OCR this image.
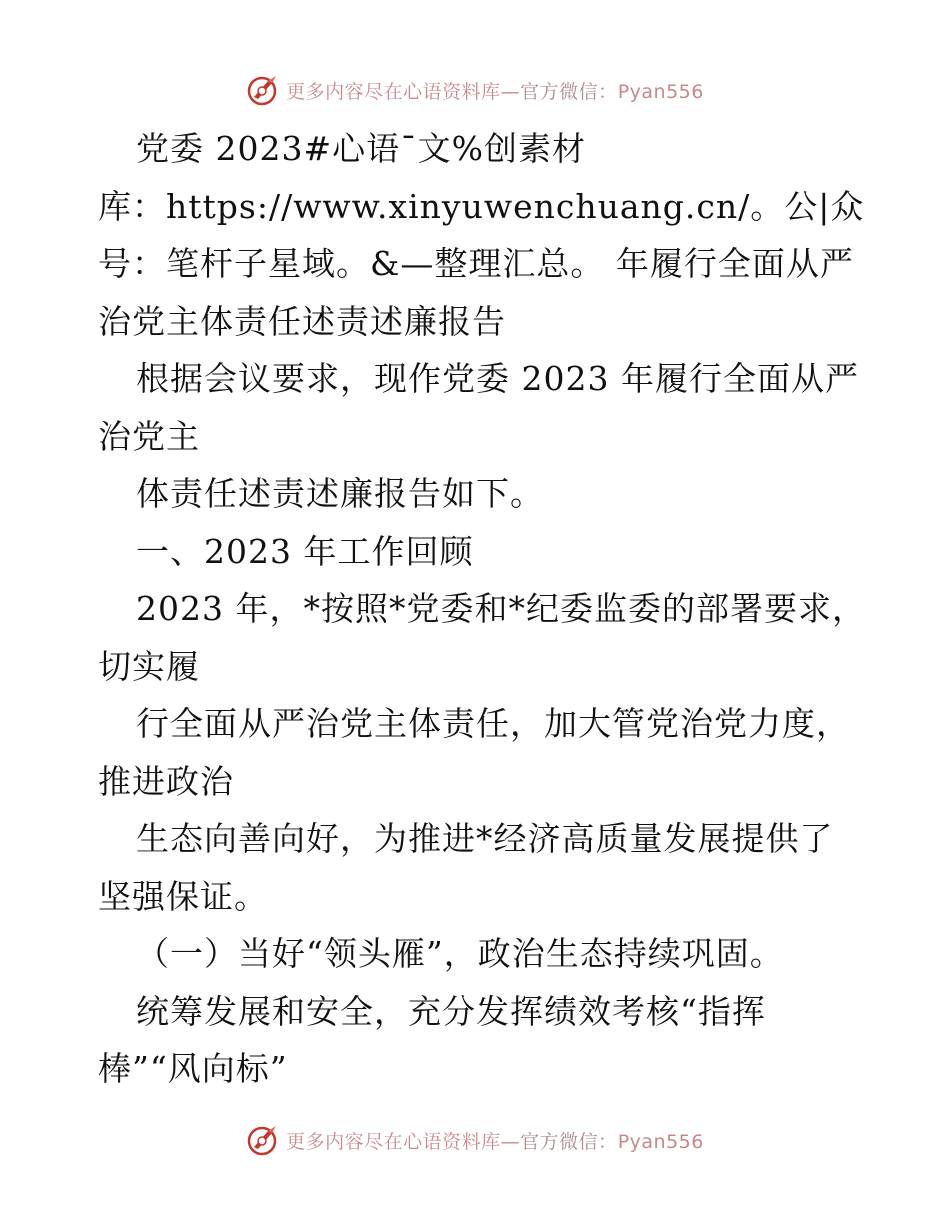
更多内容尽在心语资料库—官方微信：Pyan556
党委 2023#心语¯文%创素材
库：https://www.xinyuwenchuang.cn/。公|众
号：笔杆子星域。&—整理汇总。 年履行全面从严
治党主体责任述责述廉报告
根据会议要求，现作党委 2023 年履行全面从严
治党主
体责任述责述廉报告如下。
一、2023 年工作回顾
2023 年，*按照*党委和*纪委监委的部署要求，
切实履
行全面从严治党主体责任，加大管党治党力度，
推进政治
生态向善向好，为推进*经济高质量发展提供了
坚强保证。
（一）当好“领头雁”，政治生态持续巩固。
统筹发展和安全，充分发挥绩效考核“指挥
棒”“风向标”
更多内容尽在心语资料库—官方微信：Pyan556
